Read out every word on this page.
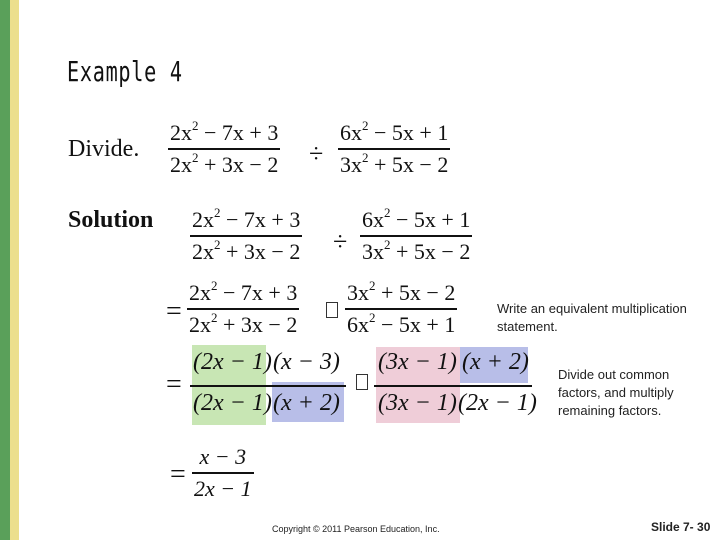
Example 4
Divide.
Solution
$2x^2 - 7x + 3$
$2x^2 + 3x - 2$ ÷
$6x^2 - 5x + 1$
$3x^2 + 5x - 2$
$2x^2 - 7x + 3$
$2x^2 + 3x - 2$ ÷
$6x^2 - 5x + 1$
$3x^2 + 5x - 2$
=
$2x^2 - 7x + 3$
$2x^2 + 3x - 2$
$3x^2 + 5x - 2$
$6x^2 - 5x + 1$
Write an equivalent multiplication statement.
=
(2x − 1) (x − 3)
(2x − 1) (x + 2)
(3x − 1) (x + 2)
(3x − 1) (2x − 1)
Divide out common factors, and multiply remaining factors.
=
x − 3
2x − 1
Copyright © 2011 Pearson Education, Inc.	Slide 7- 30
